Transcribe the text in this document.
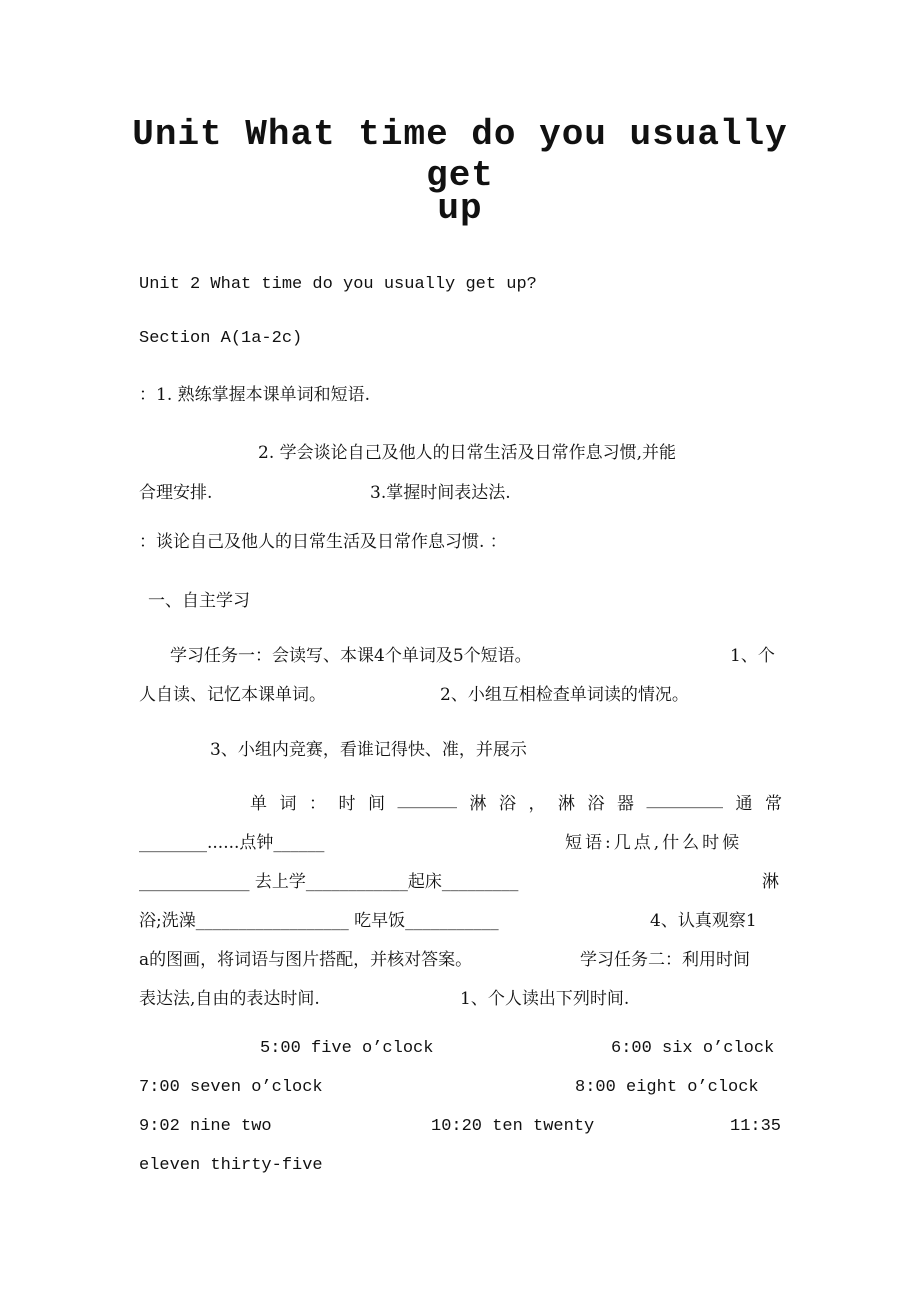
Unit What time do you usually get
up
Unit 2 What time do you usually get up?
Section A(1a-2c)
：1. 熟练掌握本课单词和短语.
2. 学会谈论自己及他人的日常生活及日常作息习惯,并能
合理安排.	3.掌握时间表达法.
：谈论自己及他人的日常生活及日常作息习惯. ：
一、自主学习
学习任务一：会读写、本课4个单词及5个短语。	1、个
人自读、记忆本课单词。	2、小组互相检查单词读的情况。
3、小组内竞赛，看谁记得快、准，并展示
单 词 ： 时 间 _______ 淋 浴 ， 淋 浴 器 _________ 通 常
________......点钟______	短语:几点,什么时候
_____________ 去上学____________起床_________	淋
浴;洗澡__________________ 吃早饭___________	4、认真观察1
a的图画，将词语与图片搭配，并核对答案。	学习任务二：利用时间
表达法,自由的表达时间.	1、个人读出下列时间.
5:00 five o’clock	6:00 six o’clock
7:00 seven o’clock	8:00 eight o’clock
9:02 nine two	10:20 ten twenty	11:35
eleven thirty-five
